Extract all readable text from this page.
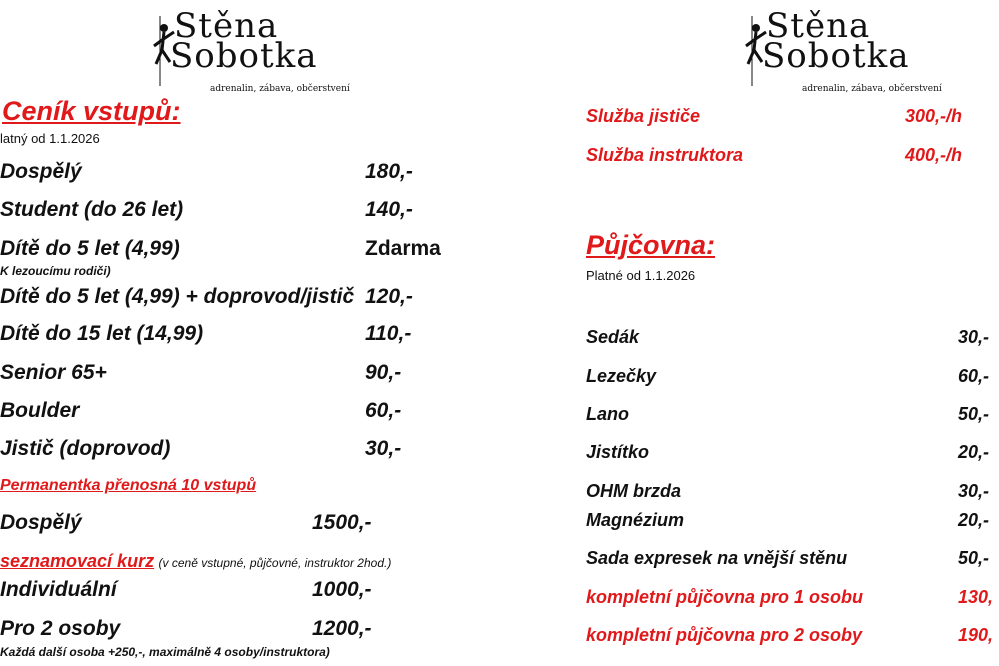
Stěna
Sobotka
adrenalin, zábava, občerstvení
Stěna
Sobotka
adrenalin, zábava, občerstvení
Ceník vstupů:
latný od 1.1.2026
Dospělý	180,-
Student (do 26 let)	140,-
Dítě do 5 let (4,99)	Zdarma
K lezoucímu rodiči)
Dítě do 5 let (4,99) + doprovod/jistič 120,-
Dítě do 15 let (14,99)	110,-
Senior 65+	90,-
Boulder	60,-
Jistič (doprovod)	30,-
Permanentka přenosná 10 vstupů
Dospělý	1500,-
seznamovací kurz (v ceně vstupné, půjčovné, instruktor 2hod.)
Individuální	1000,-
Pro 2 osoby	1200,-
Každá další osoba +250,-, maximálně 4 osoby/instruktora)
Služba jističe	300,-/h
Služba instruktora	400,-/h
Půjčovna:
Platné od 1.1.2026
Sedák	30,-
Lezečky	60,-
Lano	50,-
Jistítko	20,-
OHM brzda	30,-
Magnézium	20,-
Sada expresek na vnější stěnu	50,-
kompletní půjčovna pro 1 osobu	130,
kompletní půjčovna pro 2 osoby	190,
